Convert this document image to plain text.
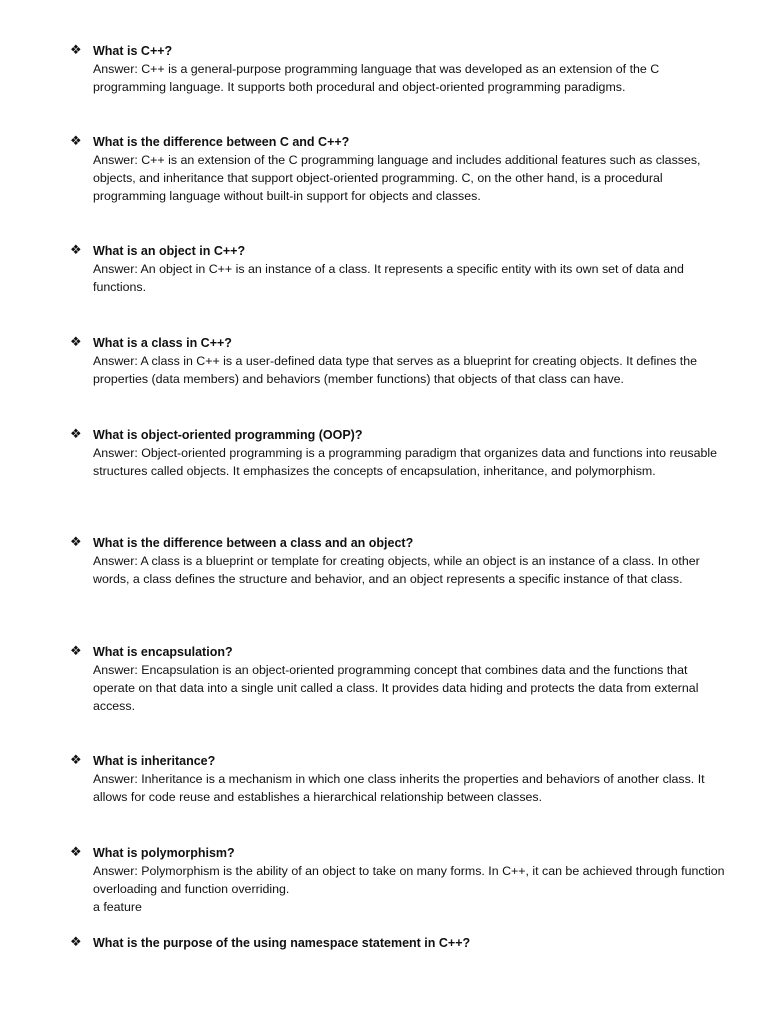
❖ What is C++?
Answer: C++ is a general-purpose programming language that was developed as an extension of the C programming language. It supports both procedural and object-oriented programming paradigms.
❖ What is the difference between C and C++?
Answer: C++ is an extension of the C programming language and includes additional features such as classes, objects, and inheritance that support object-oriented programming. C, on the other hand, is a procedural programming language without built-in support for objects and classes.
❖ What is an object in C++?
Answer: An object in C++ is an instance of a class. It represents a specific entity with its own set of data and functions.
❖ What is a class in C++?
Answer: A class in C++ is a user-defined data type that serves as a blueprint for creating objects. It defines the properties (data members) and behaviors (member functions) that objects of that class can have.
❖ What is object-oriented programming (OOP)?
Answer: Object-oriented programming is a programming paradigm that organizes data and functions into reusable structures called objects. It emphasizes the concepts of encapsulation, inheritance, and polymorphism.
❖ What is the difference between a class and an object?
Answer: A class is a blueprint or template for creating objects, while an object is an instance of a class. In other words, a class defines the structure and behavior, and an object represents a specific instance of that class.
❖ What is encapsulation?
Answer: Encapsulation is an object-oriented programming concept that combines data and the functions that operate on that data into a single unit called a class. It provides data hiding and protects the data from external access.
❖ What is inheritance?
Answer: Inheritance is a mechanism in which one class inherits the properties and behaviors of another class. It allows for code reuse and establishes a hierarchical relationship between classes.
❖ What is polymorphism?
Answer: Polymorphism is the ability of an object to take on many forms. In C++, it can be achieved through function overloading and function overriding.
a feature
❖ What is the purpose of the using namespace statement in C++?
